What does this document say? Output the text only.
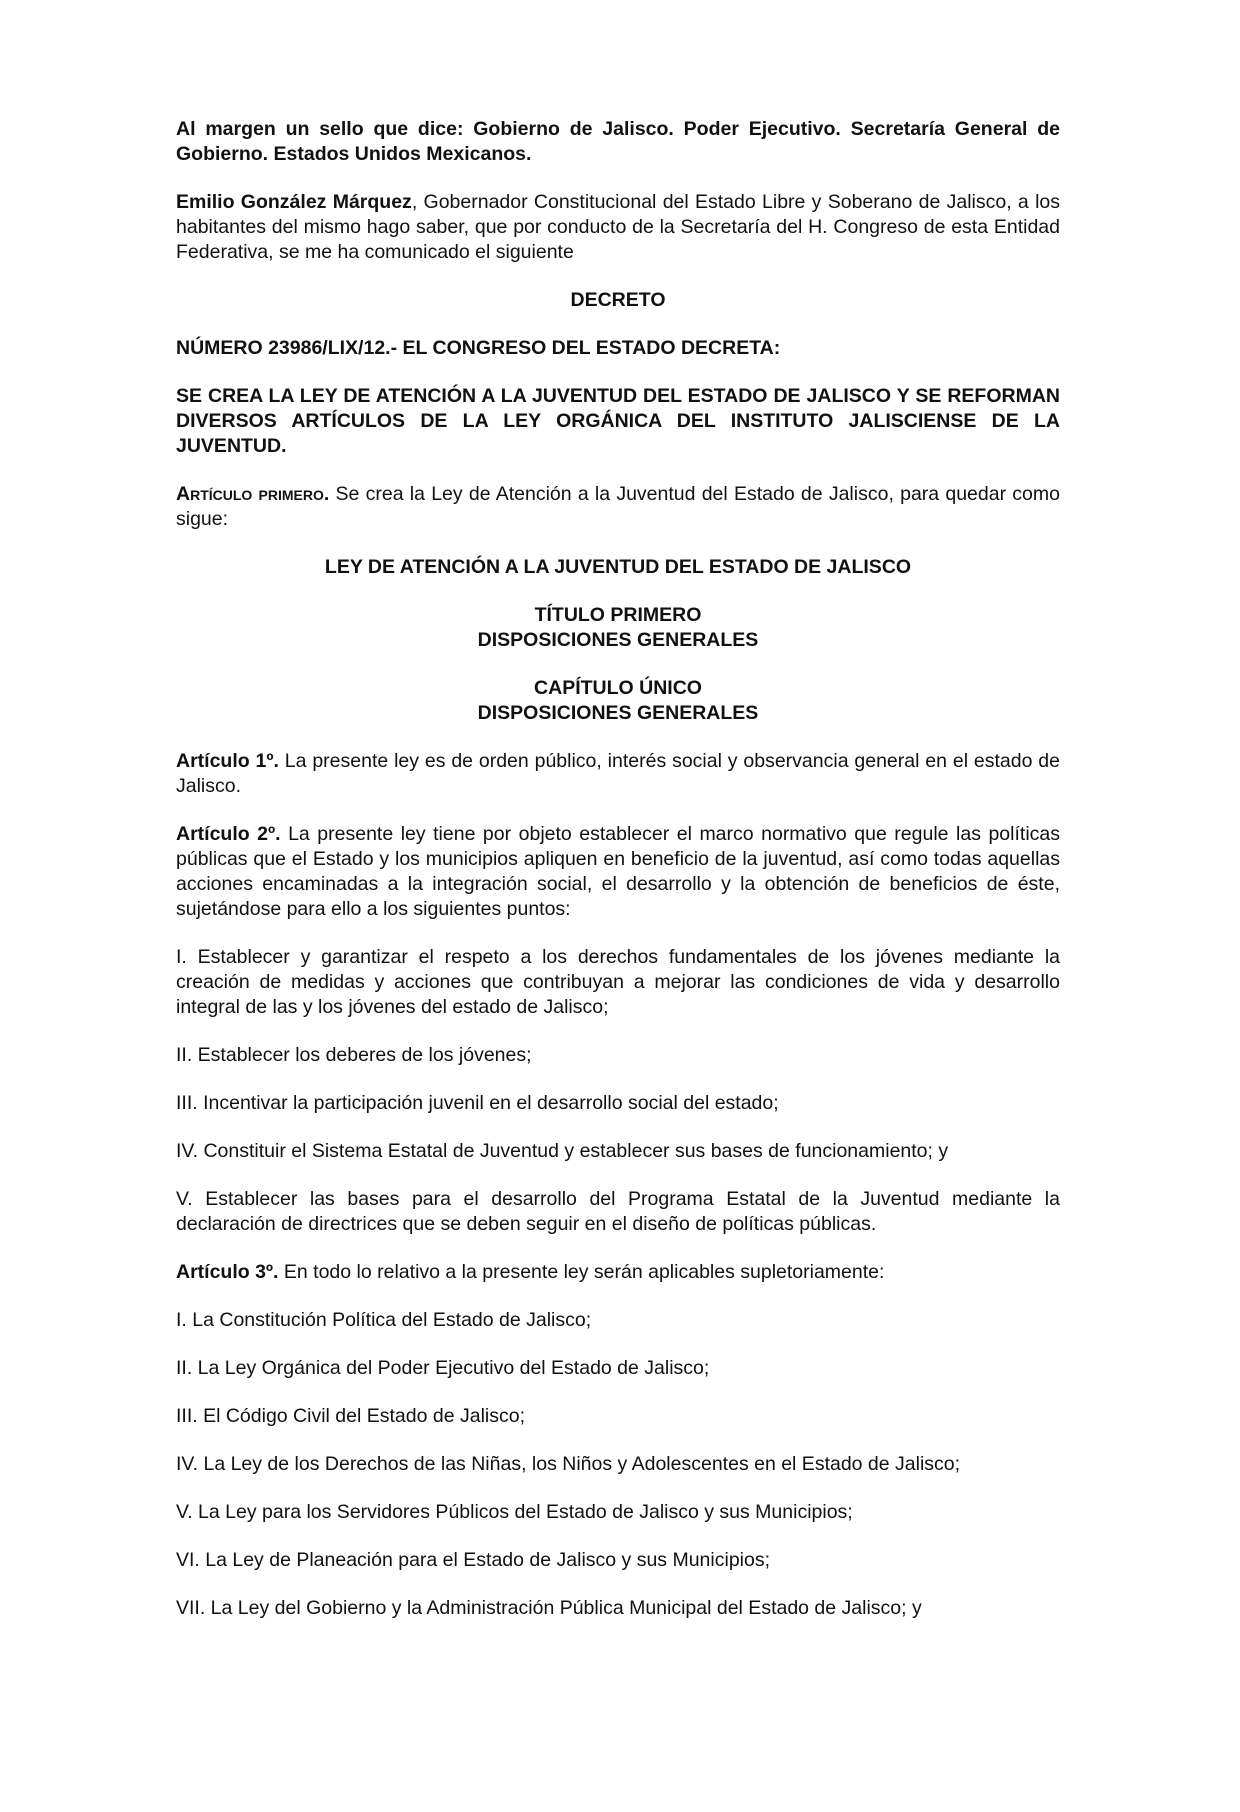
Al margen un sello que dice: Gobierno de Jalisco. Poder Ejecutivo. Secretaría General de Gobierno. Estados Unidos Mexicanos.

Emilio González Márquez, Gobernador Constitucional del Estado Libre y Soberano de Jalisco, a los habitantes del mismo hago saber, que por conducto de la Secretaría del H. Congreso de esta Entidad Federativa, se me ha comunicado el siguiente

DECRETO

NÚMERO 23986/LIX/12.- EL CONGRESO DEL ESTADO DECRETA:

SE CREA LA LEY DE ATENCIÓN A LA JUVENTUD DEL ESTADO DE JALISCO Y SE REFORMAN DIVERSOS ARTÍCULOS DE LA LEY ORGÁNICA DEL INSTITUTO JALISCIENSE DE LA JUVENTUD.

Artículo primero. Se crea la Ley de Atención a la Juventud del Estado de Jalisco, para quedar como sigue:

LEY DE ATENCIÓN A LA JUVENTUD DEL ESTADO DE JALISCO

TÍTULO PRIMERO

DISPOSICIONES GENERALES

CAPÍTULO ÚNICO

DISPOSICIONES GENERALES

Artículo 1º. La presente ley es de orden público, interés social y observancia general en el estado de Jalisco.

Artículo 2º. La presente ley tiene por objeto establecer el marco normativo que regule las políticas públicas que el Estado y los municipios apliquen en beneficio de la juventud, así como todas aquellas acciones encaminadas a la integración social, el desarrollo y la obtención de beneficios de éste, sujetándose para ello a los siguientes puntos:

I. Establecer y garantizar el respeto a los derechos fundamentales de los jóvenes mediante la creación de medidas y acciones que contribuyan a mejorar las condiciones de vida y desarrollo integral de las y los jóvenes del estado de Jalisco;

II. Establecer los deberes de los jóvenes;

III. Incentivar la participación juvenil en el desarrollo social del estado;

IV. Constituir el Sistema Estatal de Juventud y establecer sus bases de funcionamiento; y

V. Establecer las bases para el desarrollo del Programa Estatal de la Juventud mediante la declaración de directrices que se deben seguir en el diseño de políticas públicas.

Artículo 3º. En todo lo relativo a la presente ley serán aplicables supletoriamente:

I. La Constitución Política del Estado de Jalisco;

II. La Ley Orgánica del Poder Ejecutivo del Estado de Jalisco;

III. El Código Civil del Estado de Jalisco;

IV. La Ley de los Derechos de las Niñas, los Niños y Adolescentes en el Estado de Jalisco;

V. La Ley para los Servidores Públicos del Estado de Jalisco y sus Municipios;

VI. La Ley de Planeación para el Estado de Jalisco y sus Municipios;

VII. La Ley del Gobierno y la Administración Pública Municipal del Estado de Jalisco; y
